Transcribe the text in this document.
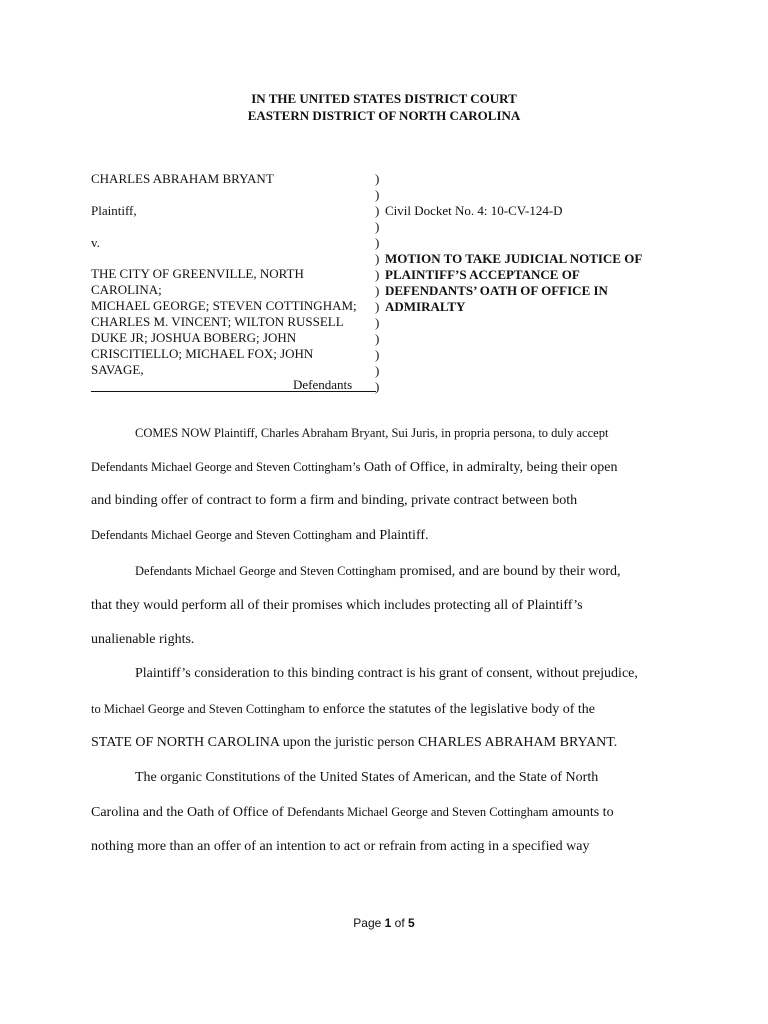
IN THE UNITED STATES DISTRICT COURT
EASTERN DISTRICT OF NORTH CAROLINA
CHARLES ABRAHAM BRYANT
Plaintiff,
v.
THE CITY OF GREENVILLE, NORTH
CAROLINA;
MICHAEL GEORGE; STEVEN COTTINGHAM;
CHARLES M. VINCENT; WILTON RUSSELL
DUKE JR; JOSHUA BOBERG; JOHN
CRISCITIELLO; MICHAEL FOX; JOHN
SAVAGE,
Defendants
)
)
)
)
)
)
)
)
)
)
)
)
)
)
Civil Docket No. 4: 10-CV-124-D
MOTION TO TAKE JUDICIAL NOTICE OF
PLAINTIFF’S ACCEPTANCE OF
DEFENDANTS’ OATH OF OFFICE IN
ADMIRALTY
COMES NOW Plaintiff, Charles Abraham Bryant, Sui Juris, in propria persona, to duly accept
Defendants Michael George and Steven Cottingham’s Oath of Office, in admiralty, being their open
and binding offer of contract to form a firm and binding, private contract between both
Defendants Michael George and Steven Cottingham and Plaintiff.
Defendants Michael George and Steven Cottingham promised, and are bound by their word,
that they would perform all of their promises which includes protecting all of Plaintiff’s
unalienable rights.
Plaintiff’s consideration to this binding contract is his grant of consent, without prejudice,
to Michael George and Steven Cottingham to enforce the statutes of the legislative body of the
STATE OF NORTH CAROLINA upon the juristic person CHARLES ABRAHAM BRYANT.
The organic Constitutions of the United States of American, and the State of North
Carolina and the Oath of Office of Defendants Michael George and Steven Cottingham amounts to
nothing more than an offer of an intention to act or refrain from acting in a specified way
Page 1 of 5
